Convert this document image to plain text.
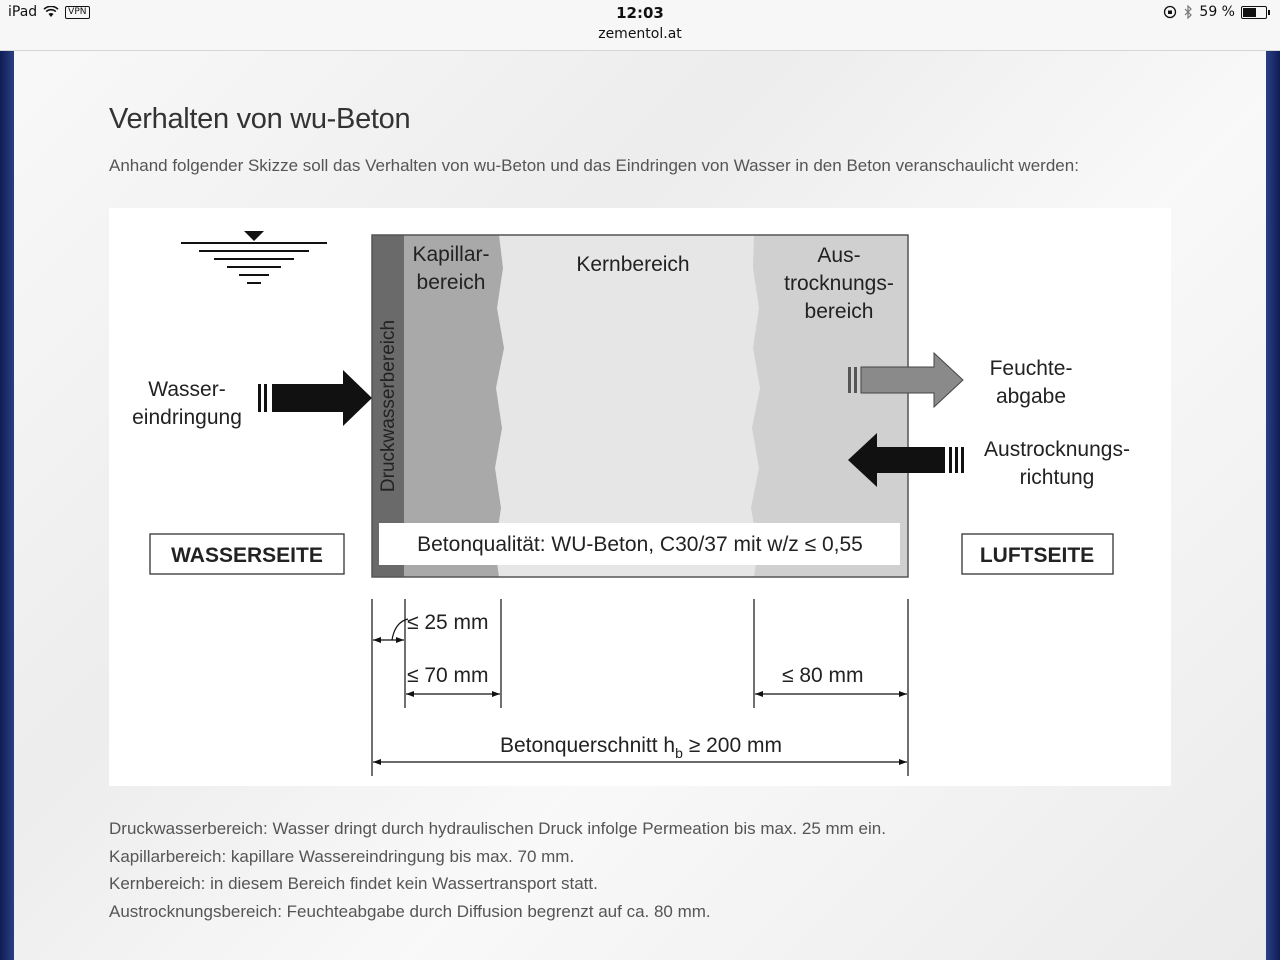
iPad	VPN	12:03
zementol.at
59 %
Verhalten von wu-Beton

Anhand folgender Skizze soll das Verhalten von wu-Beton und das Eindringen von Wasser in den Beton veranschaulicht werden:

Druckwasserbereich
Kapillar-
bereich
Kernbereich	Aus-
trocknungs-
bereich
Wasser-
eindringung
Feuchte-
abgabe
Austrocknungs-
richtung
WASSERSEITE	LUFTSEITE
Betonqualität: WU-Beton, C30/37 mit w/z ≤ 0,55
≤ 25 mm
≤ 70 mm	≤ 80 mm
Betonquerschnitt $h_b \ge 200$ mm
Druckwasserbereich: Wasser dringt durch hydraulischen Druck infolge Permeation bis max. 25 mm ein.
Kapillarbereich: kapillare Wassereindringung bis max. 70 mm.
Kernbereich: in diesem Bereich findet kein Wassertransport statt.
Austrocknungsbereich: Feuchteabgabe durch Diffusion begrenzt auf ca. 80 mm.
